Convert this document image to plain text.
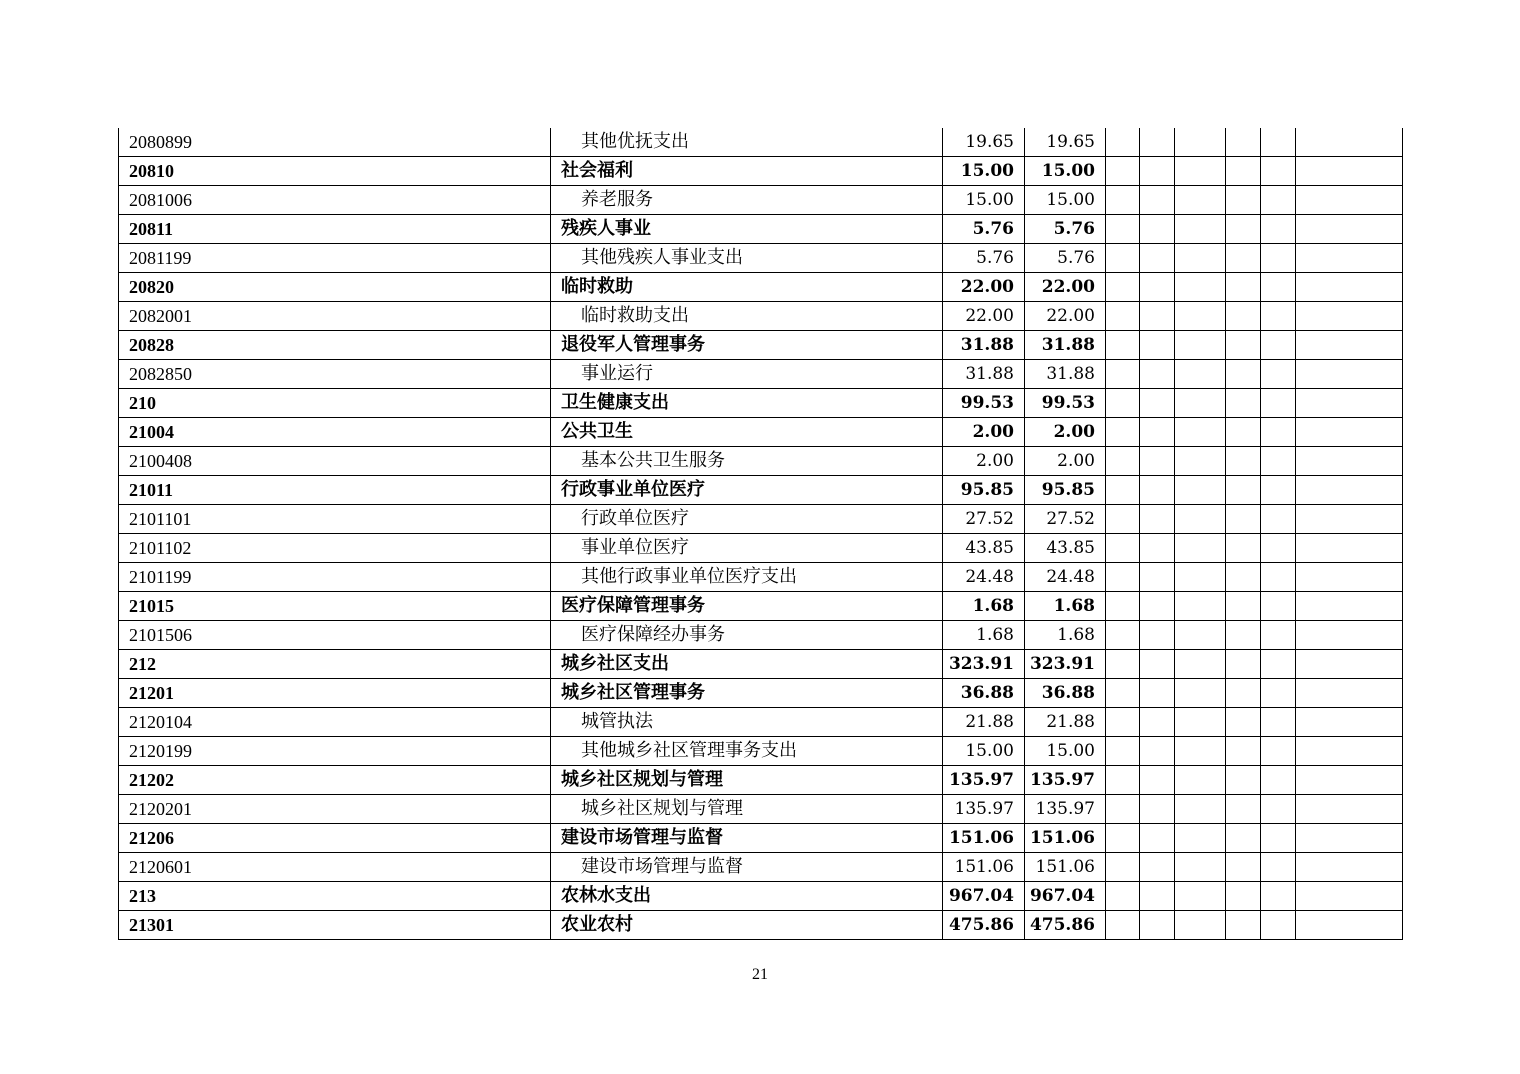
2080899	其他优抚支出	19.65	19.65						
20810	社会福利	15.00	15.00						
2081006	养老服务	15.00	15.00						
20811	残疾人事业	5.76	5.76						
2081199	其他残疾人事业支出	5.76	5.76						
20820	临时救助	22.00	22.00						
2082001	临时救助支出	22.00	22.00						
20828	退役军人管理事务	31.88	31.88						
2082850	事业运行	31.88	31.88						
210	卫生健康支出	99.53	99.53						
21004	公共卫生	2.00	2.00						
2100408	基本公共卫生服务	2.00	2.00						
21011	行政事业单位医疗	95.85	95.85						
2101101	行政单位医疗	27.52	27.52						
2101102	事业单位医疗	43.85	43.85						
2101199	其他行政事业单位医疗支出	24.48	24.48						
21015	医疗保障管理事务	1.68	1.68						
2101506	医疗保障经办事务	1.68	1.68						
212	城乡社区支出	323.91	323.91						
21201	城乡社区管理事务	36.88	36.88						
2120104	城管执法	21.88	21.88						
2120199	其他城乡社区管理事务支出	15.00	15.00						
21202	城乡社区规划与管理	135.97	135.97						
2120201	城乡社区规划与管理	135.97	135.97						
21206	建设市场管理与监督	151.06	151.06						
2120601	建设市场管理与监督	151.06	151.06						
213	农林水支出	967.04	967.04						
21301	农业农村	475.86	475.86						
21
